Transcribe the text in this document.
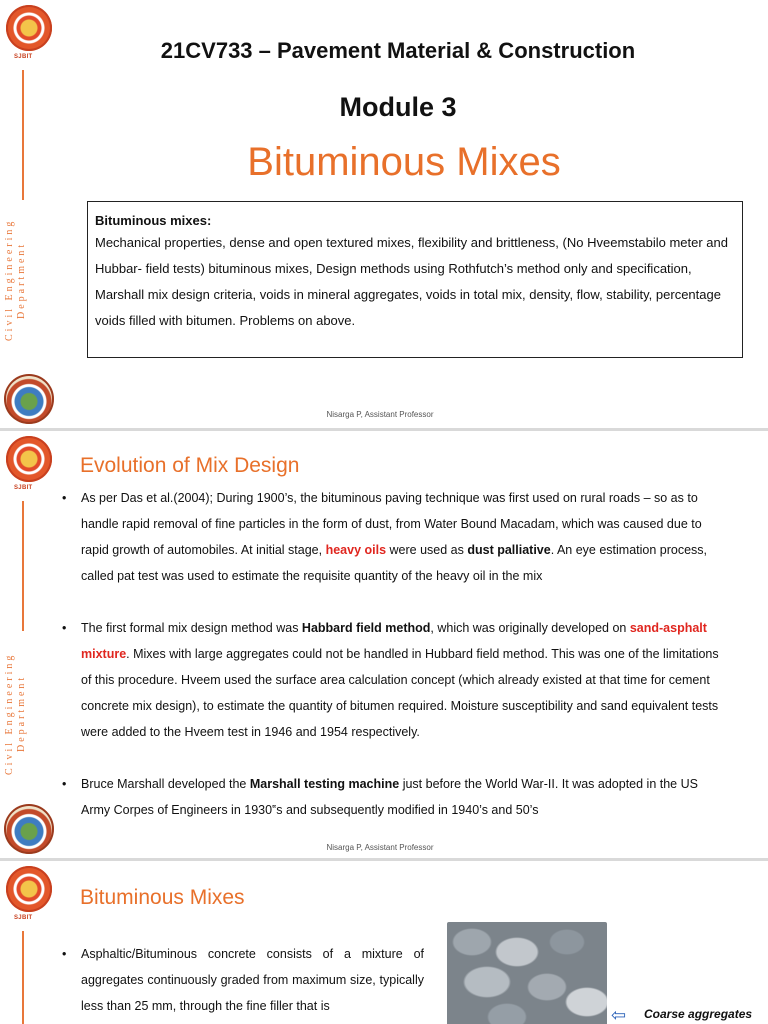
SJBIT
Civil Engineering Department
21CV733 – Pavement Material & Construction
Module 3
Bituminous Mixes
Bituminous mixes:
Mechanical properties, dense and open textured mixes, flexibility and brittleness, (No Hveemstabilo meter and Hubbar- field tests) bituminous mixes, Design methods using Rothfutch’s method only and specification, Marshall mix design criteria, voids in mineral aggregates, voids in total mix, density, flow, stability, percentage voids filled with bitumen. Problems on above.
Nisarga P, Assistant Professor
SJBIT
Civil Engineering Department
Evolution of Mix Design

• As per Das et al.(2004); During 1900’s, the bituminous paving technique was first used on rural roads – so as to handle rapid removal of fine particles in the form of dust, from Water Bound Macadam, which was caused due to rapid growth of automobiles. At initial stage, heavy oils were used as dust palliative. An eye estimation process, called pat test was used to estimate the requisite quantity of the heavy oil in the mix

• The first formal mix design method was Habbard field method, which was originally developed on sand-asphalt mixture. Mixes with large aggregates could not be handled in Hubbard field method. This was one of the limitations of this procedure. Hveem used the surface area calculation concept (which already existed at that time for cement concrete mix design), to estimate the quantity of bitumen required. Moisture susceptibility and sand equivalent tests were added to the Hveem test in 1946 and 1954 respectively.

• Bruce Marshall developed the Marshall testing machine just before the World War-II. It was adopted in the US Army Corpes of Engineers in 1930‟s and subsequently modified in 1940’s and 50’s

Nisarga P, Assistant Professor
SJBIT
Bituminous Mixes

• Asphaltic/Bituminous concrete consists of a mixture of aggregates continuously graded from maximum size, typically less than 25 mm, through the fine filler that is	⇦ Coarse aggregates
